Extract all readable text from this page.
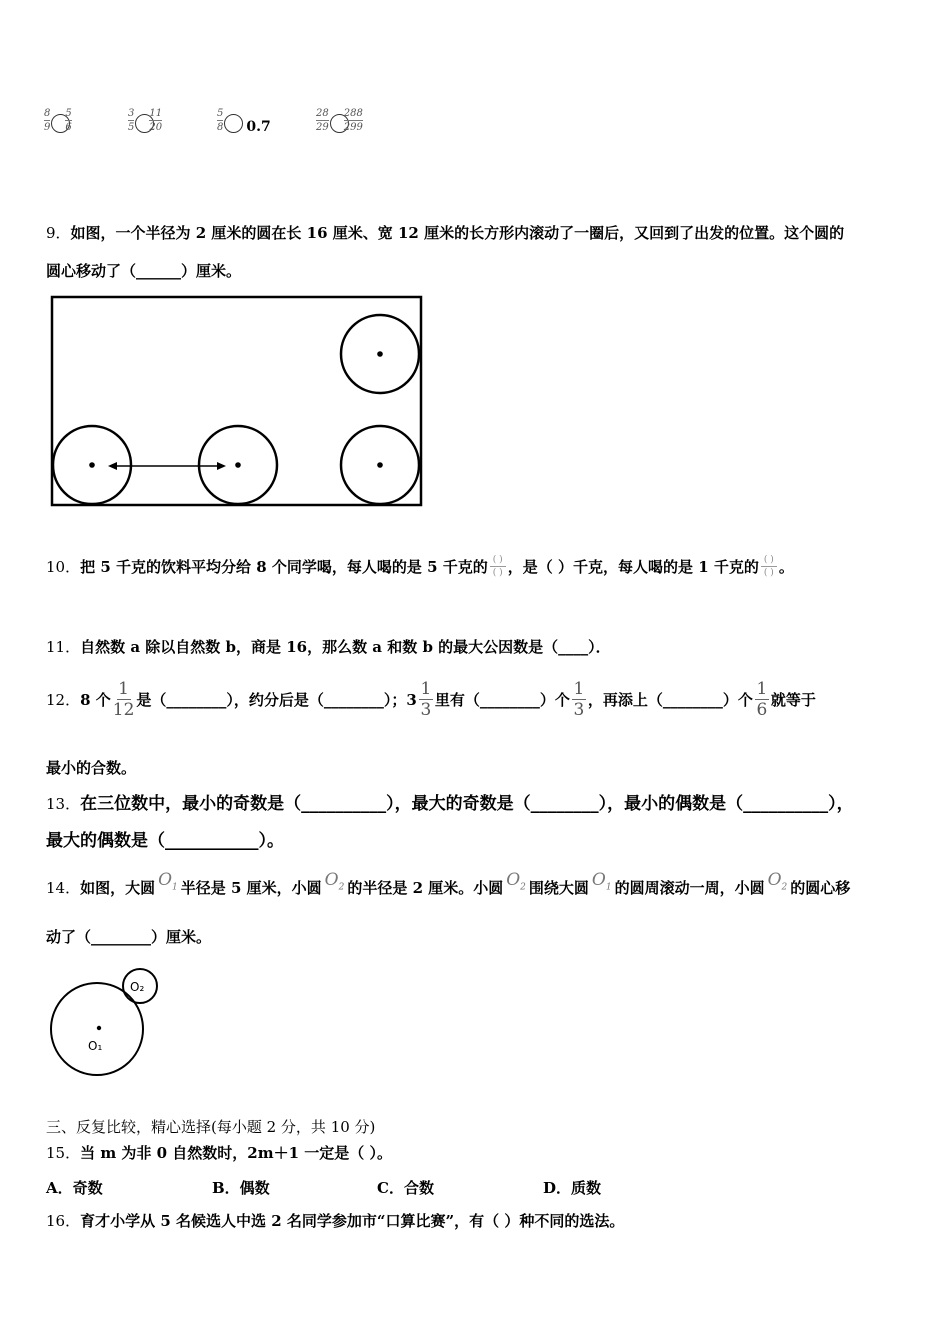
$\frac{8}{9} \frac{5}{6}$	$\frac{3}{5} \frac{11}{20}$	$\frac{5}{8} 0.7$	$\frac{28}{29} \frac{288}{299}$
9．如图，一个半径为 2 厘米的圆在长 16 厘米、宽 12 厘米的长方形内滚动了一圈后，又回到了出发的位置。这个圆的
圆心移动了（______）厘米。
10． 把 5 千克的饮料平均分给 8 个同学喝，每人喝的是 5 千克的 ( )
( ) ，是（ ）千克，每人喝的是 1 千克的 ( )
( ) 。
11．自然数 a 除以自然数 b，商是 16，那么数 a 和数 b 的最大公因数是（____）．
12． 8 个
1
12 是（________），约分后是（________）；3
1
3 里有（________）个
1
3 ，再添上（________）个
1
6 就等于
最小的合数。
13．在三位数中，最小的奇数是（__________），最大的奇数是（________），最小的偶数是（__________），
最大的偶数是（___________）。
14． 如图，大圆 $O_1$ 半径是 5 厘米，小圆 $O_2$ 的半径是 2 厘米。小圆 $O_2$ 围绕大圆 $O_1$ 的圆周滚动一周，小圆 $O_2$ 的圆心移
动了（________）厘米。
O₁
O₂
三、反复比较，精心选择(每小题 2 分，共 10 分)
15．当 m 为非 0 自然数时，2m＋1 一定是（ ）。
A．奇数	B．偶数	C．合数	D．质数
16．育才小学从 5 名候选人中选 2 名同学参加市“口算比赛”，有（ ）种不同的选法。
